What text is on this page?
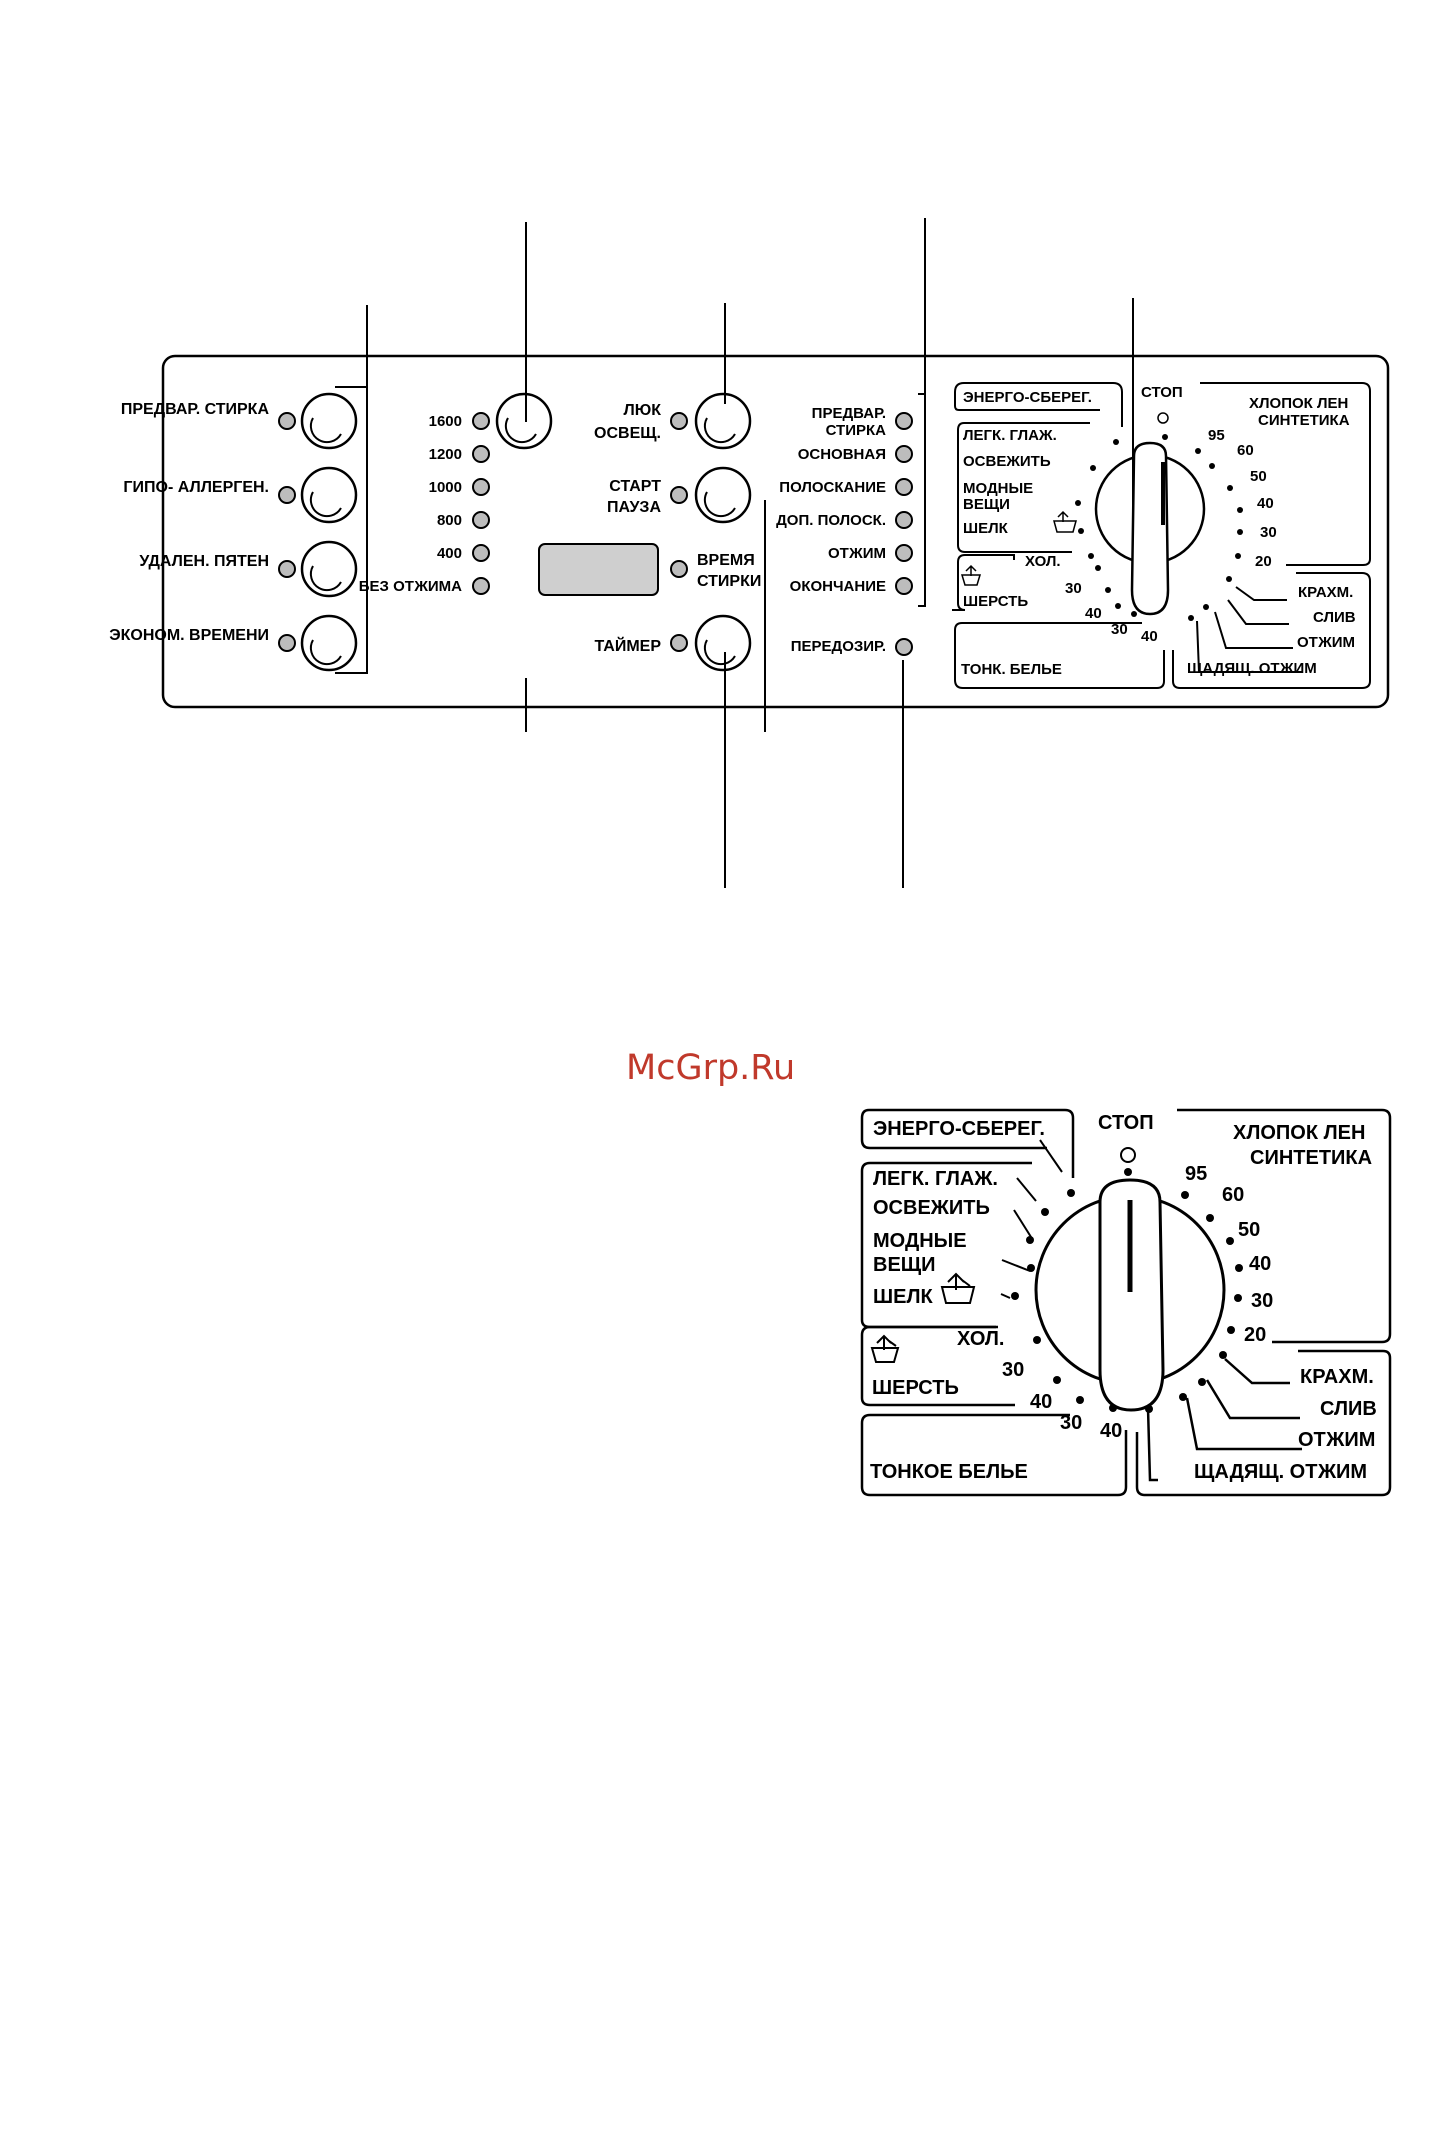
ПРЕДВАР. СТИРКА
ГИПО- АЛЛЕРГЕН.
УДАЛЕН. ПЯТЕН
ЭКОНОМ. ВРЕМЕНИ
1600
1200
1000
800
400
БЕЗ ОТЖИМА
ЛЮК
ОСВЕЩ.
СТАРТ
ПАУЗА
ТАЙМЕР
ВРЕМЯ
СТИРКИ
ПРЕДВАР.
СТИРКА
ОСНОВНАЯ
ПОЛОСКАНИЕ
ДОП. ПОЛОСК.
ОТЖИМ
ОКОНЧАНИЕ
ПЕРЕДОЗИР.
ЭНЕРГО-СБЕРЕГ.	СТОП
ХЛОПОК ЛЕН
СИНТЕТИКА
ЛЕГК. ГЛАЖ.
ОСВЕЖИТЬ
МОДНЫЕ
ВЕЩИ
ШЕЛК
ХОЛ.
ШЕРСТЬ
30
40
30 40
ТОНК. БЕЛЬЕ
95
60
50
40
30
20
КРАХМ.
СЛИВ
ОТЖИМ
ЩАДЯЩ. ОТЖИМ
McGrp.Ru
ЭНЕРГО-СБЕРЕГ.	СТОП	ХЛОПОК ЛЕН
СИНТЕТИКА
ЛЕГК. ГЛАЖ.
ОСВЕЖИТЬ
МОДНЫЕ
ВЕЩИ
ШЕЛК
ХОЛ.
ШЕРСТЬ
30
40
30 40
ТОНКОЕ БЕЛЬЕ
95
60
50
40
30
20
КРАХМ.
СЛИВ
ОТЖИМ
ЩАДЯЩ. ОТЖИМ
